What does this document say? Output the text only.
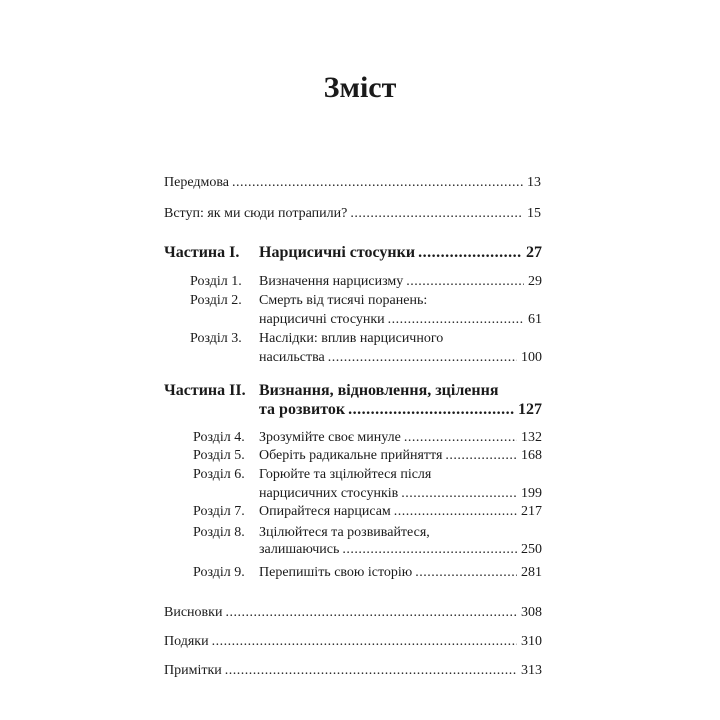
Зміст
Передмова .....	13
Вступ: як ми сюди потрапили? .....	15
Частина I. Нарцисичні стосунки .....	27
Розділ 1. Визначення нарцисизму .....	29
Розділ 2. Смерть від тисячі поранень:
нарцисичні стосунки .....	61
Розділ 3. Наслідки: вплив нарцисичного
насильства .....	100
Частина II. Визнання, відновлення, зцілення
та розвиток .....	127
Розділ 4. Зрозумійте своє минуле .....	132
Розділ 5. Оберіть радикальне прийняття .....	168
Розділ 6. Горюйте та зцілюйтеся після
нарцисичних стосунків .....	199
Розділ 7. Опирайтеся нарцисам .....	217
Розділ 8. Зцілюйтеся та розвивайтеся,
залишаючись .....	250
Розділ 9. Перепишіть свою історію .....	281
Висновки .....	308
Подяки .....	310
Примітки .....	313
